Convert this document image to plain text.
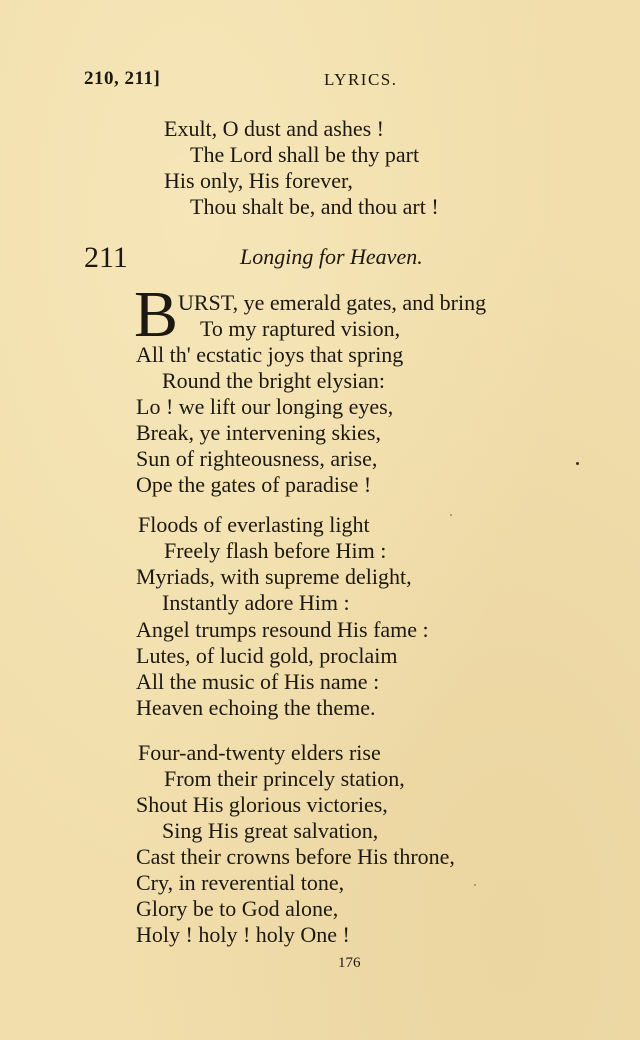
210, 211]	LYRICS.
Exult, O dust and ashes !
The Lord shall be thy part
His only, His forever,
Thou shalt be, and thou art !
211	Longing for Heaven.
B URST, ye emerald gates, and bring
To my raptured vision,
All th' ecstatic joys that spring
Round the bright elysian:
Lo ! we lift our longing eyes,
Break, ye intervening skies,
Sun of righteousness, arise,
Ope the gates of paradise !
Floods of everlasting light
Freely flash before Him :
Myriads, with supreme delight,
Instantly adore Him :
Angel trumps resound His fame :
Lutes, of lucid gold, proclaim
All the music of His name :
Heaven echoing the theme.
Four-and-twenty elders rise
From their princely station,
Shout His glorious victories,
Sing His great salvation,
Cast their crowns before His throne,
Cry, in reverential tone,
Glory be to God alone,
Holy ! holy ! holy One !
176
